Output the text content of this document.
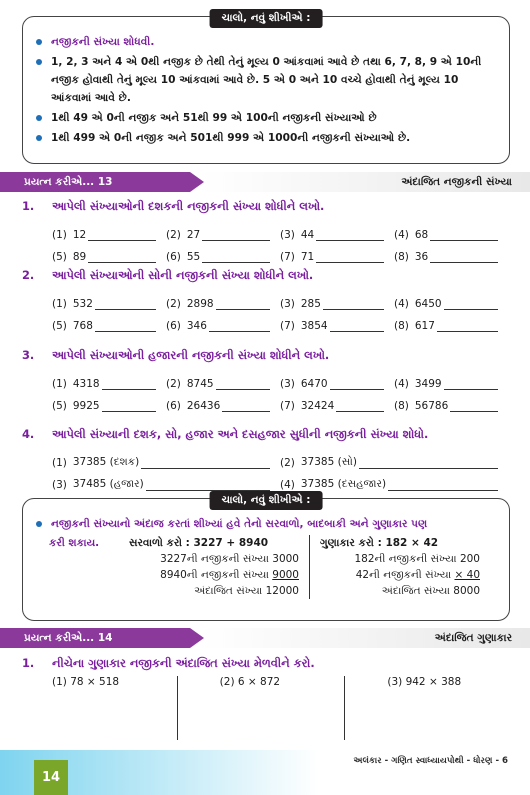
ચાલો, નવું શીખીએ :
નજીકની સંખ્યા શોધવી.
1, 2, 3 અને 4 એ 0થી નજીક છે તેથી તેનું મૂલ્ય 0 આંકવામાં આવે છે તથા 6, 7, 8, 9 એ 10ની નજીક હોવાથી તેનું મૂલ્ય 10 આંકવામાં આવે છે. 5 એ 0 અને 10 વચ્ચે હોવાથી તેનું મૂલ્ય 10 આંકવામાં આવે છે.
1થી 49 એ 0ની નજીક અને 51થી 99 એ 100ની નજીકની સંખ્યાઓ છે
1થી 499 એ 0ની નજીક અને 501થી 999 એ 1000ની નજીકની સંખ્યાઓ છે.
પ્રયત્ન કરીએ... 13	અંદાજિત નજીકની સંખ્યા
1.	આપેલી સંખ્યાઓની દશકની નજીકની સંખ્યા શોધીને લખો.
(1) 12	(2) 27	(3) 44	(4) 68
(5) 89	(6) 55	(7) 71	(8) 36
2.	આપેલી સંખ્યાઓની સોની નજીકની સંખ્યા શોધીને લખો.
(1) 532	(2) 2898	(3) 285	(4) 6450
(5) 768	(6) 346	(7) 3854	(8) 617
3.	આપેલી સંખ્યાઓની હજારની નજીકની સંખ્યા શોધીને લખો.
(1) 4318	(2) 8745	(3) 6470	(4) 3499
(5) 9925	(6) 26436	(7) 32424	(8) 56786
4.	આપેલી સંખ્યાની દશક, સો, હજાર અને દસહજાર સુધીની નજીકની સંખ્યા શોધો.
(1) 37385 (દશક)	(2) 37385 (સો)
(3) 37485 (હજાર)	(4) 37385 (દસહજાર)
ચાલો, નવું શીખીએ :
નજીકની સંખ્યાનો અંદાજ કરતાં શીખ્યાં હવે તેનો સરવાળો, બાદબાકી અને ગુણાકાર પણ
કરી શકાય.	સરવાળો કરો : 3227 + 8940
3227ની નજીકની સંખ્યા 3000
8940ની નજીકની સંખ્યા 9000
અંદાજિત સંખ્યા 12000
ગુણાકાર કરો : 182 × 42
182ની નજીકની સંખ્યા 200
42ની નજીકની સંખ્યા × 40
અંદાજિત સંખ્યા 8000
પ્રયત્ન કરીએ... 14	અંદાજિત ગુણાકાર
1.	નીચેના ગુણાકાર નજીકની અંદાજિત સંખ્યા મેળવીને કરો.
(1) 78 × 518	(2) 6 × 872	(3) 942 × 388
અલંકાર - ગણિત સ્વાધ્યાયપોથી - ધોરણ - 6
14
